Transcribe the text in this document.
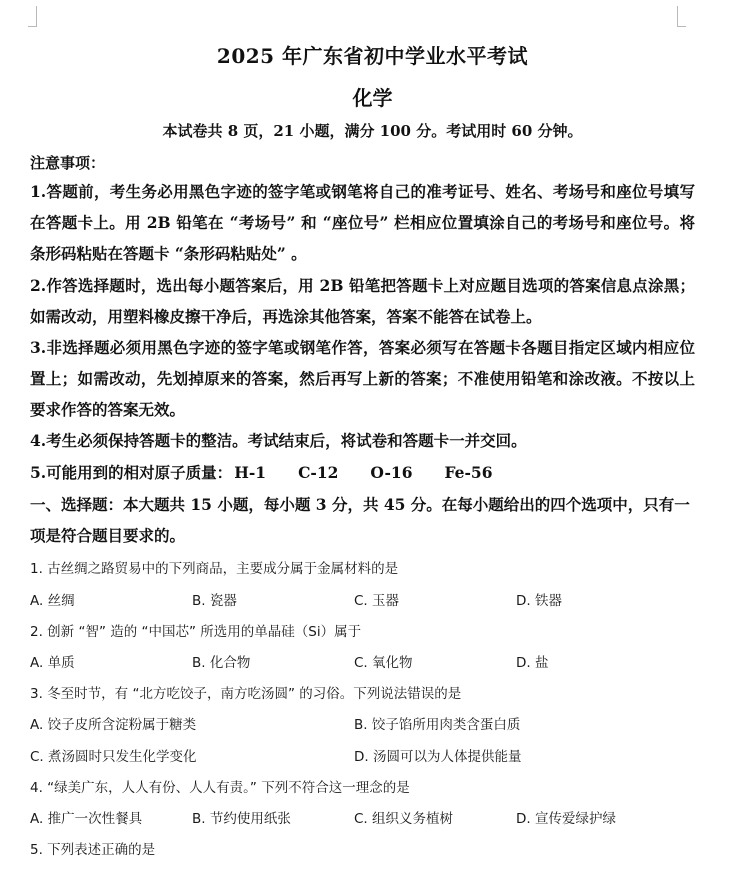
2025 年广东省初中学业水平考试
化学
本试卷共 8 页，21 小题，满分 100 分。考试用时 60 分钟。
注意事项：
1.答题前，考生务必用黑色字迹的签字笔或钢笔将自己的准考证号、姓名、考场号和座位号填写在答题卡上。用 2B 铅笔在 “考场号” 和 “座位号” 栏相应位置填涂自己的考场号和座位号。将条形码粘贴在答题卡 “条形码粘贴处” 。
2.作答选择题时，选出每小题答案后，用 2B 铅笔把答题卡上对应题目选项的答案信息点涂黑；如需改动，用塑料橡皮擦干净后，再选涂其他答案，答案不能答在试卷上。
3.非选择题必须用黑色字迹的签字笔或钢笔作答，答案必须写在答题卡各题目指定区域内相应位置上；如需改动，先划掉原来的答案，然后再写上新的答案；不准使用铅笔和涂改液。不按以上要求作答的答案无效。
4.考生必须保持答题卡的整洁。考试结束后，将试卷和答题卡一并交回。
5.可能用到的相对原子质量： H-1 C-12 O-16 Fe-56
一、选择题：本大题共 15 小题，每小题 3 分，共 45 分。在每小题给出的四个选项中，只有一项是符合题目要求的。
1. 古丝绸之路贸易中的下列商品，主要成分属于金属材料的是
A. 丝绸	B. 瓷器	C. 玉器	D. 铁器
2. 创新 “智” 造的 “中国芯” 所选用的单晶硅（Si）属于
A. 单质	B. 化合物	C. 氧化物	D. 盐
3. 冬至时节，有 “北方吃饺子，南方吃汤圆” 的习俗。下列说法错误的是
A. 饺子皮所含淀粉属于糖类	B. 饺子馅所用肉类含蛋白质
C. 煮汤圆时只发生化学变化	D. 汤圆可以为人体提供能量
4. “绿美广东，人人有份、人人有责。” 下列不符合这一理念的是
A. 推广一次性餐具	B. 节约使用纸张	C. 组织义务植树	D. 宣传爱绿护绿
5. 下列表述正确的是
